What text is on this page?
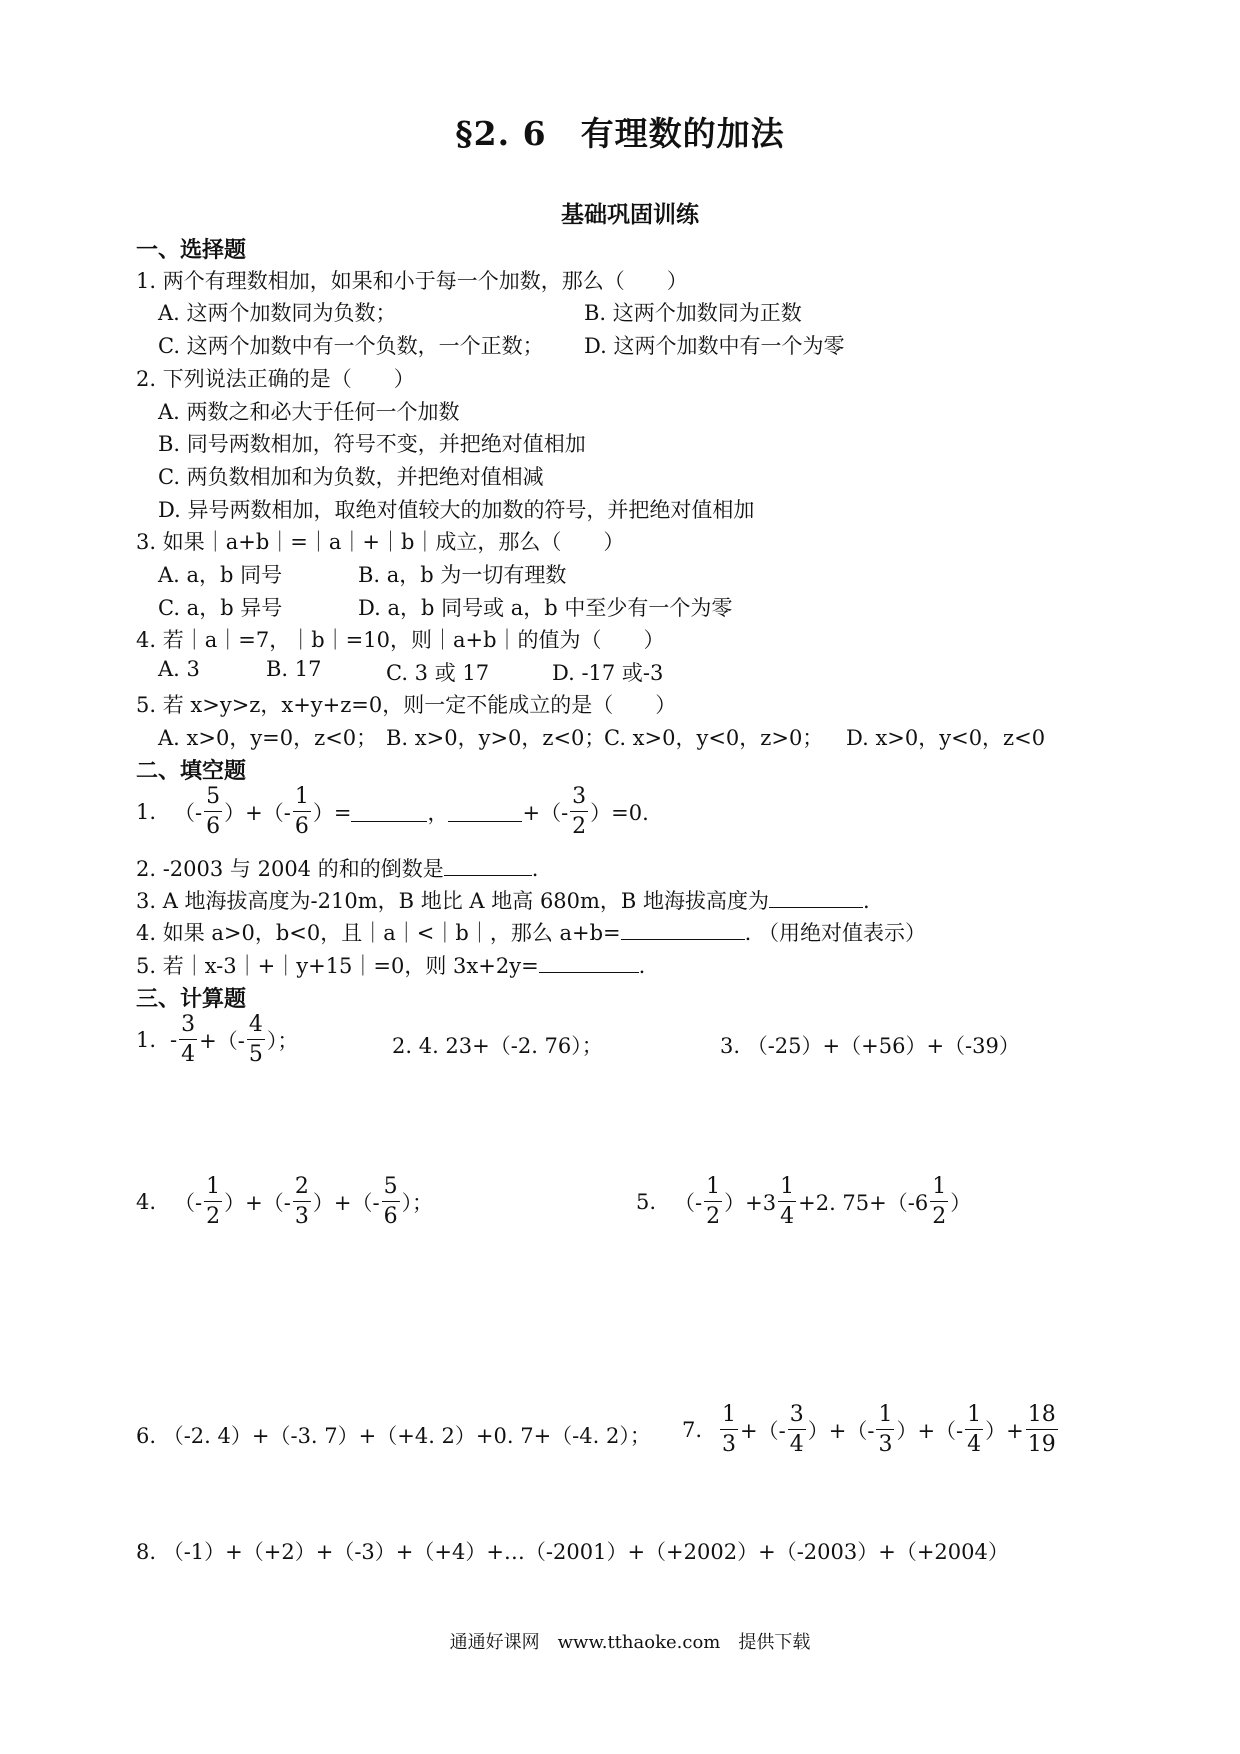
§2. 6　有理数的加法
基础巩固训练
一、选择题
1. 两个有理数相加，如果和小于每一个加数，那么（　　）
A. 这两个加数同为负数；	B. 这两个加数同为正数
C. 这两个加数中有一个负数，一个正数； D. 这两个加数中有一个为零
2. 下列说法正确的是（　　）
A. 两数之和必大于任何一个加数
B. 同号两数相加，符号不变，并把绝对值相加
C. 两负数相加和为负数，并把绝对值相减
D. 异号两数相加，取绝对值较大的加数的符号，并把绝对值相加
3. 如果｜a+b｜=｜a｜+｜b｜成立，那么（　　）
A. a，b 同号	B. a，b 为一切有理数
C. a，b 异号	D. a，b 同号或 a，b 中至少有一个为零
4. 若｜a｜=7，｜b｜=10，则｜a+b｜的值为（　　）
A. 3	B. 17	C. 3 或 17	D. -17 或-3
5. 若 x>y>z，x+y+z=0，则一定不能成立的是（　　）
A. x>0，y=0，z<0； B. x>0，y>0，z<0；
C. x>0，y<0，z>0； D. x>0，y<0，z<0
二、填空题
1. （- $\frac{5}{6}$ ）+（- $\frac{1}{6}$ ）=	，	+（- $\frac{3}{2} )=0$.
2. -2003 与 2004 的和的倒数是	.
3. A 地海拔高度为-210m，B 地比 A 地高 680m，B 地海拔高度为	.
4. 如果 a>0，b<0，且｜a｜<｜b｜，那么 a+b=	. （用绝对值表示）
5. 若｜x-3｜+｜y+15｜=0，则 3x+2y=	.
三、计算题
1. - $\frac{3}{4}$ +（- $\frac{4}{5}$ ）；	2. 4. 23+（-2. 76）；	3. （-25）+（+56）+（-39）
4. （- $\frac{1}{2}$ ）+（- $\frac{2}{3}$ ）+（- $\frac{5}{6}$ ）；	5. （- $\frac{1}{2} )+3 \frac{1}{4} +2$. $75+(-6 \frac{1}{2}$ ）
6. （-2. 4）+（-3. 7）+（+4. 2）+0. 7+（-4. 2）； 7. $\frac{1}{3}$ +（- $\frac{3}{4}$ ）+（- $\frac{1}{3}$ ）+（- $\frac{1}{4}$ ）+ $\frac{18}{19}$
8. （-1）+（+2）+（-3）+（+4）+…（-2001）+（+2002）+（-2003）+（+2004）
通通好课网　www.tthaoke.com　提供下载
